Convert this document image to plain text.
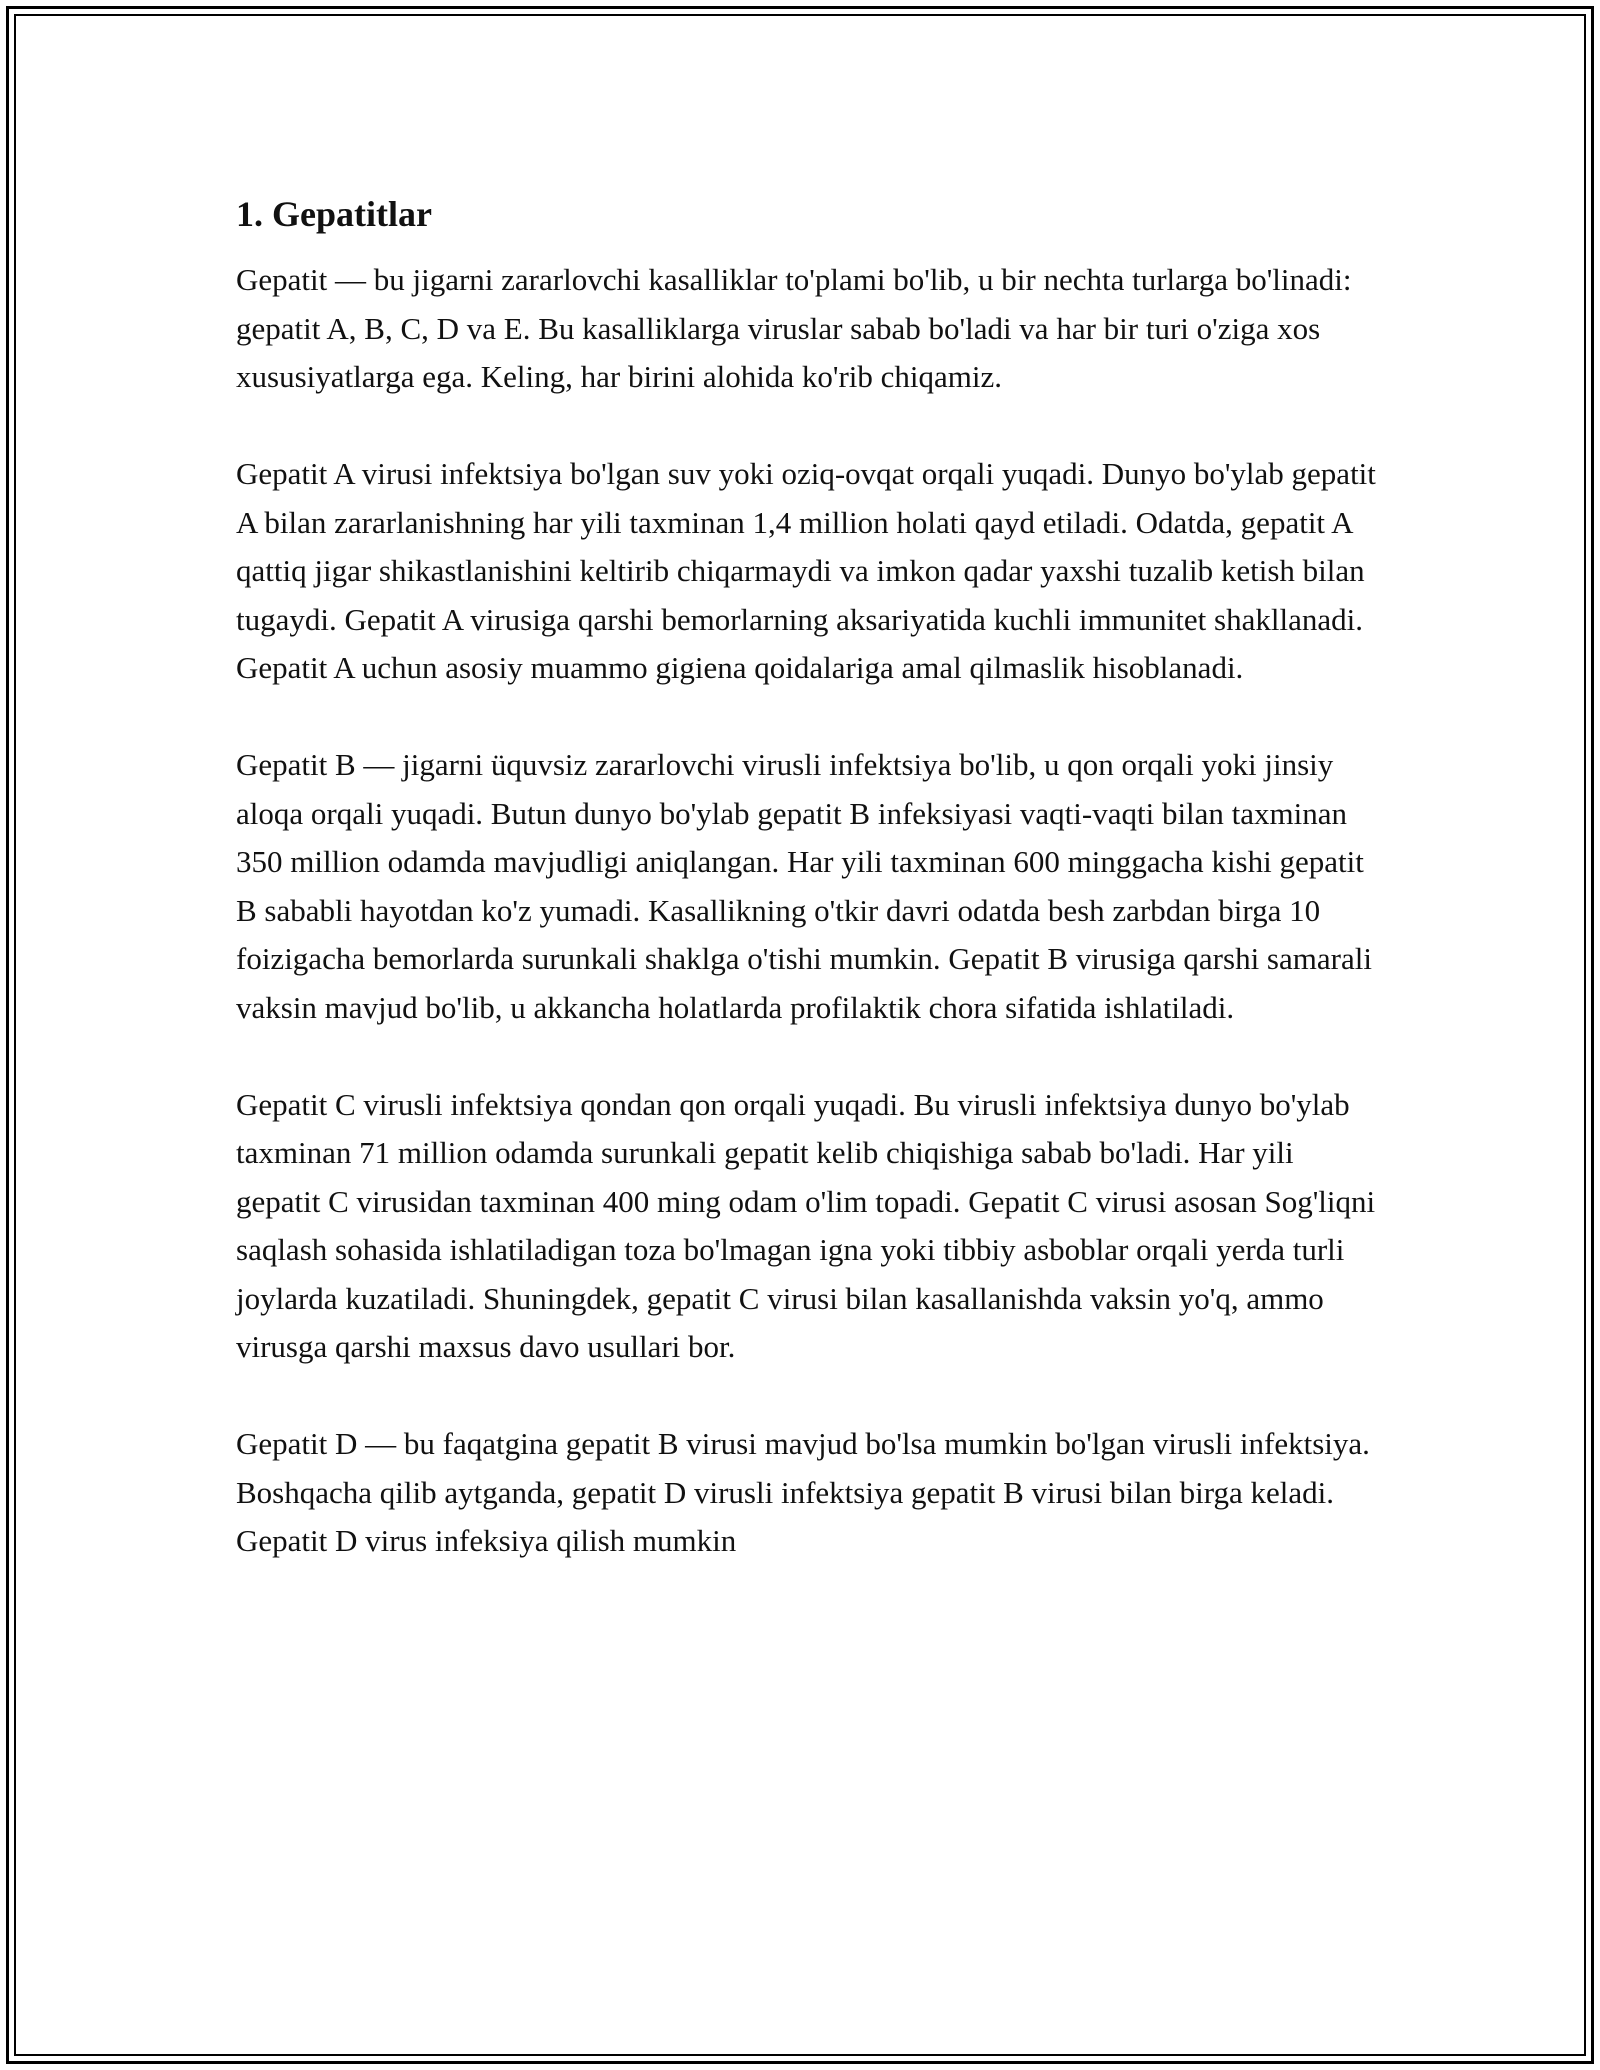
1. Gepatitlar

Gepatit — bu jigarni zararlovchi kasalliklar to'plami bo'lib, u bir nechta turlarga bo'linadi: gepatit A, B, C, D va E. Bu kasalliklarga viruslar sabab bo'ladi va har bir turi o'ziga xos xususiyatlarga ega. Keling, har birini alohida ko'rib chiqamiz.

Gepatit A virusi infektsiya bo'lgan suv yoki oziq-ovqat orqali yuqadi. Dunyo bo'ylab gepatit A bilan zararlanishning har yili taxminan 1,4 million holati qayd etiladi. Odatda, gepatit A qattiq jigar shikastlanishini keltirib chiqarmaydi va imkon qadar yaxshi tuzalib ketish bilan tugaydi. Gepatit A virusiga qarshi bemorlarning aksariyatida kuchli immunitet shakllanadi. Gepatit A uchun asosiy muammo gigiena qoidalariga amal qilmaslik hisoblanadi.

Gepatit B — jigarni üquvsiz zararlovchi virusli infektsiya bo'lib, u qon orqali yoki jinsiy aloqa orqali yuqadi. Butun dunyo bo'ylab gepatit B infeksiyasi vaqti-vaqti bilan taxminan 350 million odamda mavjudligi aniqlangan. Har yili taxminan 600 minggacha kishi gepatit B sababli hayotdan ko'z yumadi. Kasallikning o'tkir davri odatda besh zarbdan birga 10 foizigacha bemorlarda surunkali shaklga o'tishi mumkin. Gepatit B virusiga qarshi samarali vaksin mavjud bo'lib, u akkancha holatlarda profilaktik chora sifatida ishlatiladi.

Gepatit C virusli infektsiya qondan qon orqali yuqadi. Bu virusli infektsiya dunyo bo'ylab taxminan 71 million odamda surunkali gepatit kelib chiqishiga sabab bo'ladi. Har yili gepatit C virusidan taxminan 400 ming odam o'lim topadi. Gepatit C virusi asosan Sog'liqni saqlash sohasida ishlatiladigan toza bo'lmagan igna yoki tibbiy asboblar orqali yerda turli joylarda kuzatiladi. Shuningdek, gepatit C virusi bilan kasallanishda vaksin yo'q, ammo virusga qarshi maxsus davo usullari bor.

Gepatit D — bu faqatgina gepatit B virusi mavjud bo'lsa mumkin bo'lgan virusli infektsiya. Boshqacha qilib aytganda, gepatit D virusli infektsiya gepatit B virusi bilan birga keladi. Gepatit D virus infeksiya qilish mumkin
